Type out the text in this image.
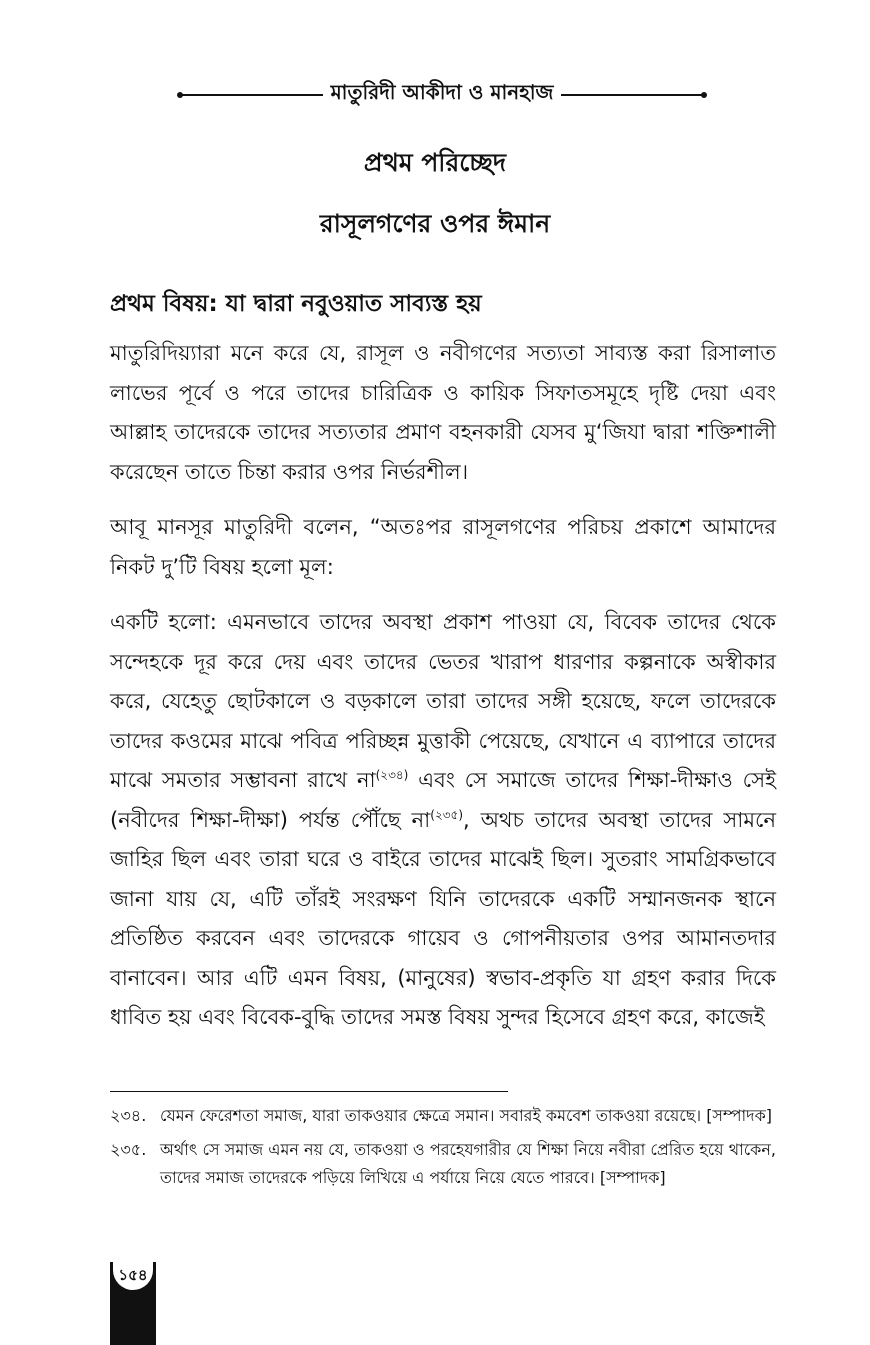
মাতুরিদী আকীদা ও মানহাজ
প্রথম পরিচ্ছেদ
রাসূলগণের ওপর ঈমান
প্রথম বিষয়: যা দ্বারা নবুওয়াত সাব্যস্ত হয়

মাতুরিদিয়্যারা মনে করে যে, রাসূল ও নবীগণের সত্যতা সাব্যস্ত করা রিসালাত লাভের পূর্বে ও পরে তাদের চারিত্রিক ও কায়িক সিফাতসমূহে দৃষ্টি দেয়া এবং আল্লাহ তাদেরকে তাদের সত্যতার প্রমাণ বহনকারী যেসব মু‘জিযা দ্বারা শক্তিশালী করেছেন তাতে চিন্তা করার ওপর নির্ভরশীল।

আবূ মানসূর মাতুরিদী বলেন, “অতঃপর রাসূলগণের পরিচয় প্রকাশে আমাদের নিকট দু’টি বিষয় হলো মূল:

একটি হলো: এমনভাবে তাদের অবস্থা প্রকাশ পাওয়া যে, বিবেক তাদের থেকে সন্দেহকে দূর করে দেয় এবং তাদের ভেতর খারাপ ধারণার কল্পনাকে অস্বীকার করে, যেহেতু ছোটকালে ও বড়কালে তারা তাদের সঙ্গী হয়েছে, ফলে তাদেরকে তাদের কওমের মাঝে পবিত্র পরিচ্ছন্ন মুত্তাকী পেয়েছে, যেখানে এ ব্যাপারে তাদের মাঝে সমতার সম্ভাবনা রাখে না$^{(২৩৪)}$ এবং সে সমাজে তাদের শিক্ষা-দীক্ষাও সেই (নবীদের শিক্ষা-দীক্ষা) পর্যন্ত পৌঁছে না$^{(২৩৫)}$, অথচ তাদের অবস্থা তাদের সামনে জাহির ছিল এবং তারা ঘরে ও বাইরে তাদের মাঝেই ছিল। সুতরাং সামগ্রিকভাবে জানা যায় যে, এটি তাঁরই সংরক্ষণ যিনি তাদেরকে একটি সম্মানজনক স্থানে প্রতিষ্ঠিত করবেন এবং তাদেরকে গায়েব ও গোপনীয়তার ওপর আমানতদার বানাবেন। আর এটি এমন বিষয়, (মানুষের) স্বভাব-প্রকৃতি যা গ্রহণ করার দিকে ধাবিত হয় এবং বিবেক-বুদ্ধি তাদের সমস্ত বিষয় সুন্দর হিসেবে গ্রহণ করে, কাজেই

২৩৪. যেমন ফেরেশতা সমাজ, যারা তাকওয়ার ক্ষেত্রে সমান। সবারই কমবেশ তাকওয়া রয়েছে। [সম্পাদক]
২৩৫. অর্থাৎ সে সমাজ এমন নয় যে, তাকওয়া ও পরহেযগারীর যে শিক্ষা নিয়ে নবীরা প্রেরিত হয়ে থাকেন, তাদের সমাজ তাদেরকে পড়িয়ে লিখিয়ে এ পর্যায়ে নিয়ে যেতে পারবে। [সম্পাদক]
১৫৪
